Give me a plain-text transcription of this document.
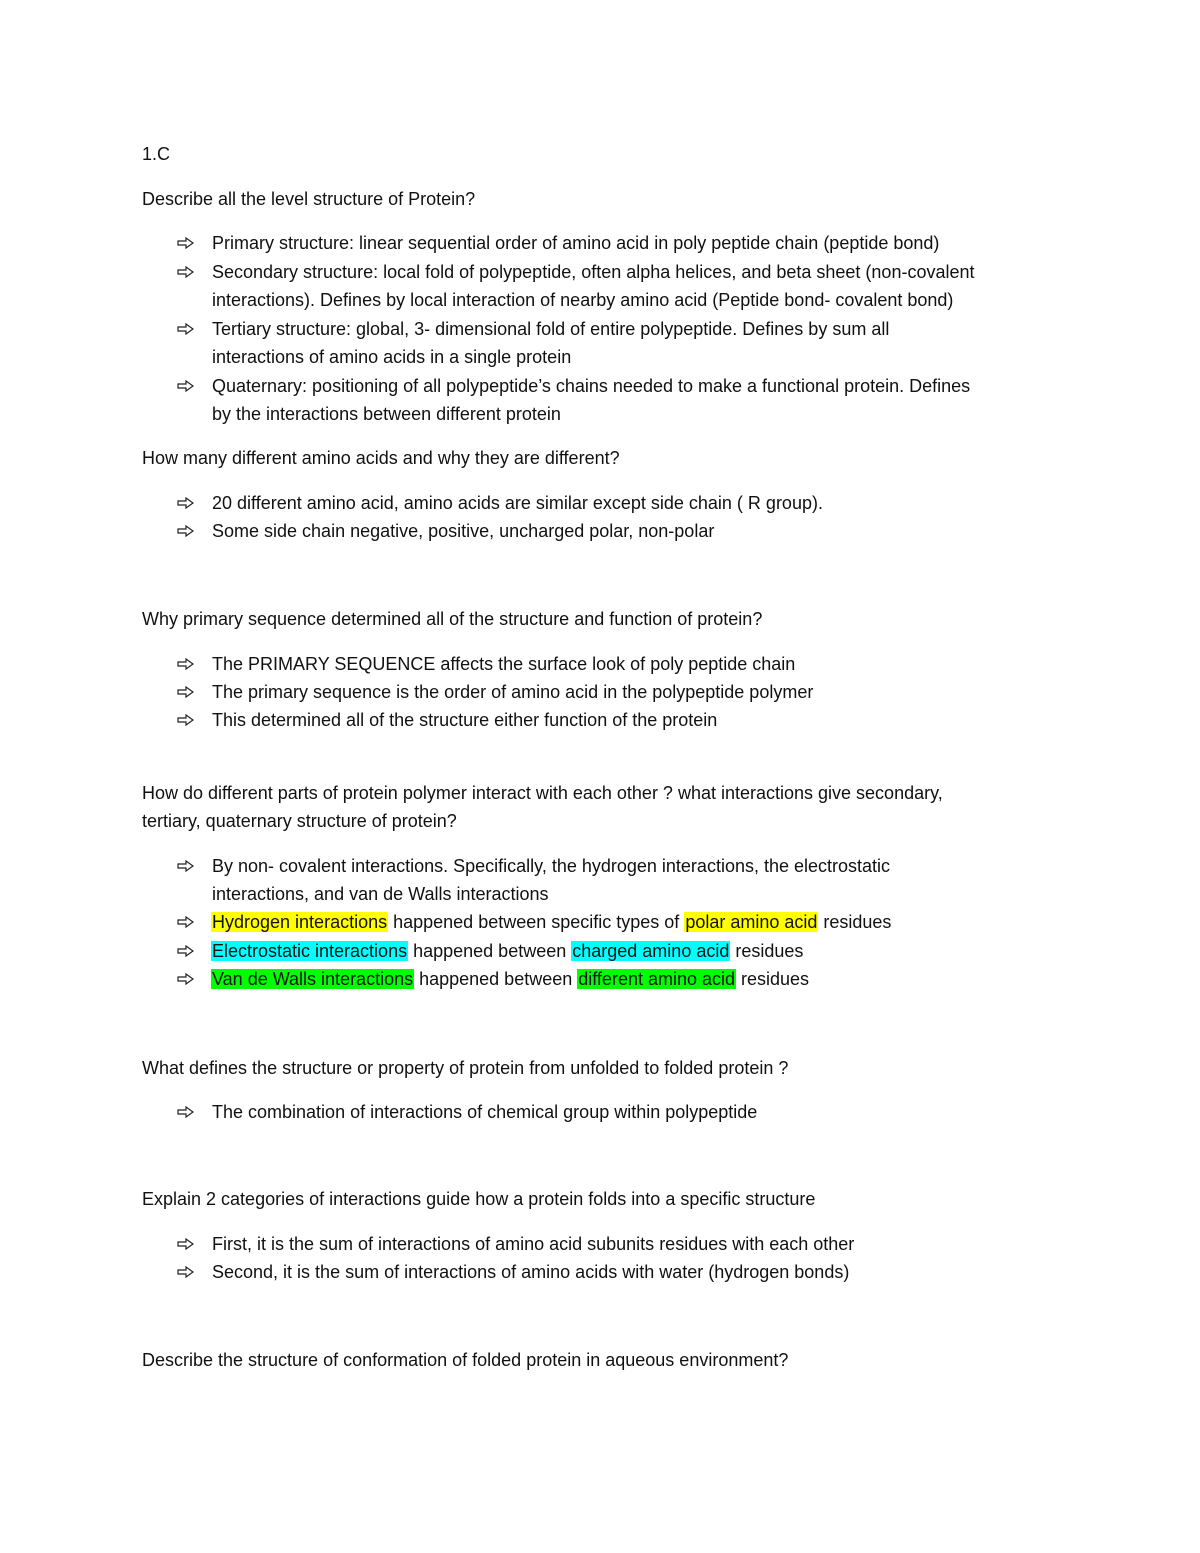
1.C
Describe all the level structure of Protein?
Primary structure: linear sequential order of amino acid in poly peptide chain (peptide bond)
Secondary structure: local fold of polypeptide, often alpha helices, and beta sheet (non-covalent
interactions). Defines by local interaction of nearby amino acid (Peptide bond- covalent bond)
Tertiary structure: global, 3- dimensional fold of entire polypeptide. Defines by sum all
interactions of amino acids in a single protein
Quaternary: positioning of all polypeptide’s chains needed to make a functional protein. Defines
by the interactions between different protein
How many different amino acids and why they are different?
20 different amino acid, amino acids are similar except side chain ( R group).
Some side chain negative, positive, uncharged polar, non-polar
Why primary sequence determined all of the structure and function of protein?
The PRIMARY SEQUENCE affects the surface look of poly peptide chain
The primary sequence is the order of amino acid in the polypeptide polymer
This determined all of the structure either function of the protein
How do different parts of protein polymer interact with each other ? what interactions give secondary,
tertiary, quaternary structure of protein?
By non- covalent interactions. Specifically, the hydrogen interactions, the electrostatic
interactions, and van de Walls interactions
Hydrogen interactions happened between specific types of polar amino acid residues
Electrostatic interactions happened between charged amino acid residues
Van de Walls interactions happened between different amino acid residues
What defines the structure or property of protein from unfolded to folded protein ?
The combination of interactions of chemical group within polypeptide
Explain 2 categories of interactions guide how a protein folds into a specific structure
First, it is the sum of interactions of amino acid subunits residues with each other
Second, it is the sum of interactions of amino acids with water (hydrogen bonds)
Describe the structure of conformation of folded protein in aqueous environment?
